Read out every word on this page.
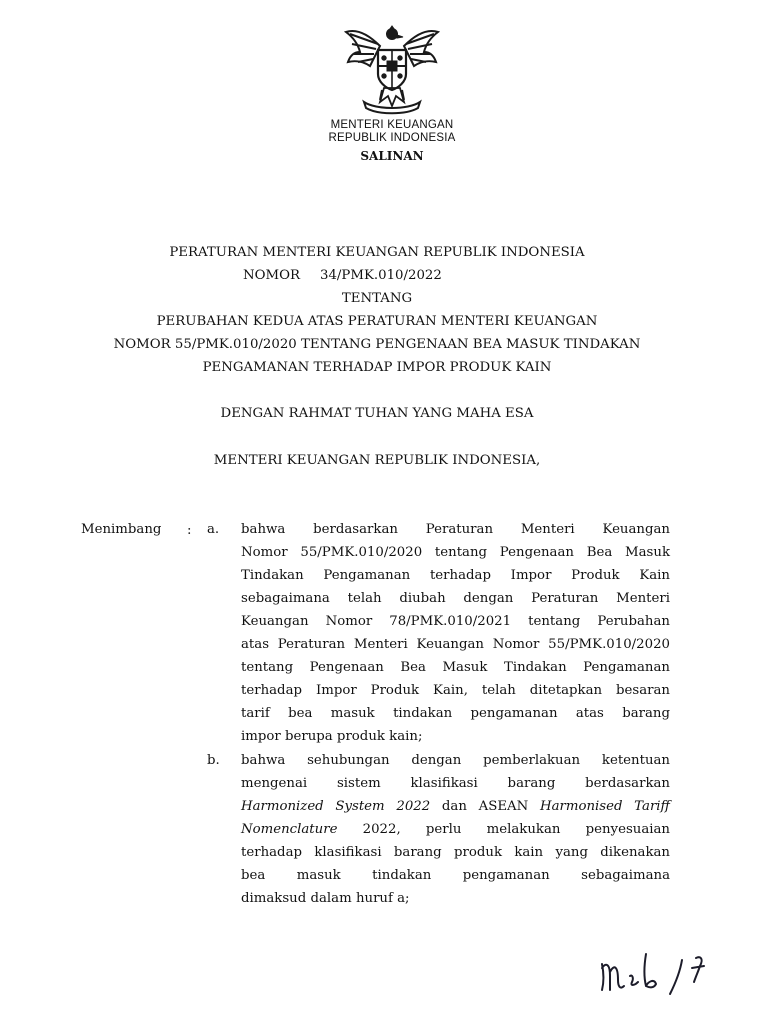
MENTERI KEUANGAN
REPUBLIK INDONESIA
SALINAN
PERATURAN MENTERI KEUANGAN REPUBLIK INDONESIA
NOMOR 34/PMK.010/2022
TENTANG
PERUBAHAN KEDUA ATAS PERATURAN MENTERI KEUANGAN
NOMOR 55/PMK.010/2020 TENTANG PENGENAAN BEA MASUK TINDAKAN
PENGAMANAN TERHADAP IMPOR PRODUK KAIN
DENGAN RAHMAT TUHAN YANG MAHA ESA
MENTERI KEUANGAN REPUBLIK INDONESIA,
Menimbang : a. bahwa berdasarkan Peraturan Menteri Keuangan
Nomor 55/PMK.010/2020 tentang Pengenaan Bea Masuk
Tindakan Pengamanan terhadap Impor Produk Kain
sebagaimana telah diubah dengan Peraturan Menteri
Keuangan Nomor 78/PMK.010/2021 tentang Perubahan
atas Peraturan Menteri Keuangan Nomor 55/PMK.010/2020
tentang Pengenaan Bea Masuk Tindakan Pengamanan
terhadap Impor Produk Kain, telah ditetapkan besaran
tarif bea masuk tindakan pengamanan atas barang
impor berupa produk kain;
b. bahwa sehubungan dengan pemberlakuan ketentuan
mengenai sistem klasifikasi barang berdasarkan
Harmonized System 2022 dan ASEAN Harmonised Tariff
Nomenclature 2022, perlu melakukan penyesuaian
terhadap klasifikasi barang produk kain yang dikenakan
bea masuk tindakan pengamanan sebagaimana
dimaksud dalam huruf a;
